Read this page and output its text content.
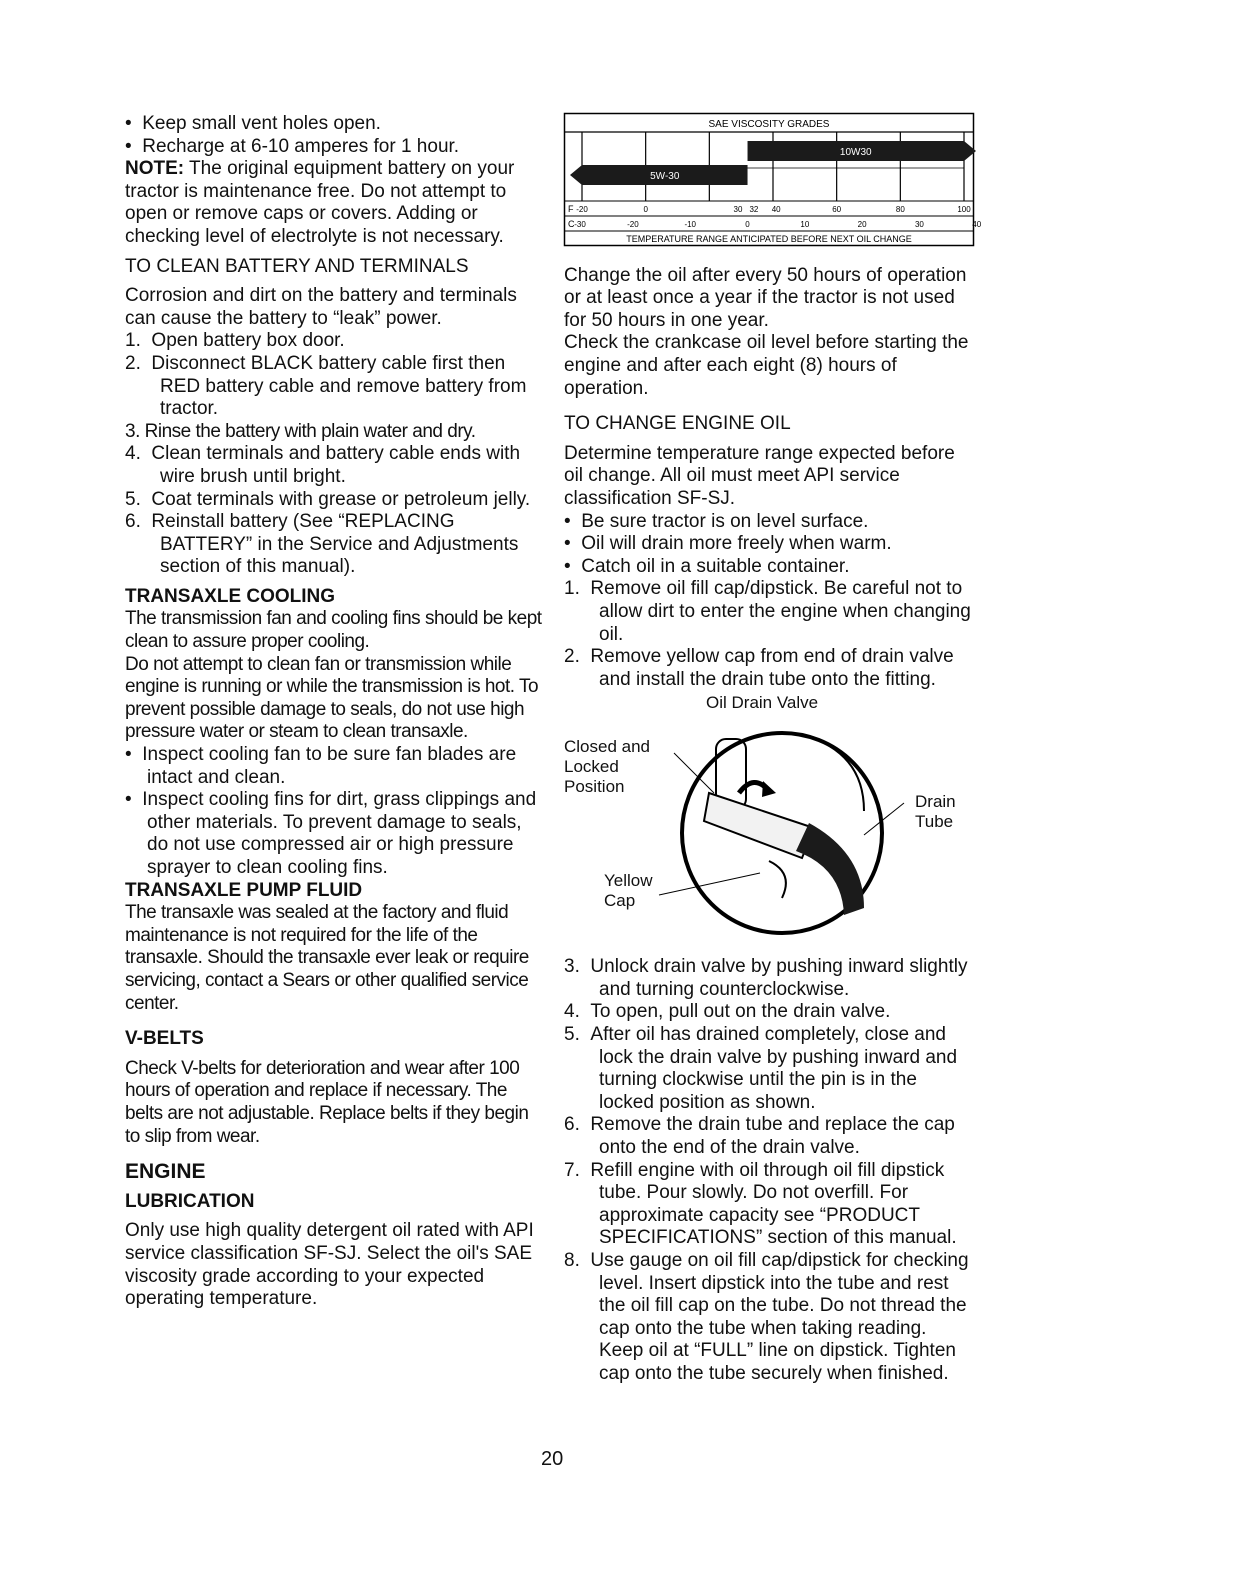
•  Keep small vent holes open.

•  Recharge at 6-10 amperes for 1 hour.

NOTE: The original equipment battery on your tractor is maintenance free. Do not attempt to open or remove caps or covers. Adding or checking level of electrolyte is not necessary.

TO CLEAN BATTERY AND TERMINALS

Corrosion and dirt on the battery and terminals can cause the battery to “leak” power.

1. Open battery box door.

2. Disconnect BLACK battery cable first then RED battery cable and remove battery from tractor.

3. Rinse the battery with plain water and dry.

4. Clean terminals and battery cable ends with wire brush until bright.

5. Coat terminals with grease or petroleum jelly.

6. Reinstall battery (See “REPLACING BATTERY” in the Service and Adjustments section of this manual).

TRANSAXLE COOLING

The transmission fan and cooling fins should be kept clean to assure proper cooling.

Do not attempt to clean fan or transmission while engine is running or while the transmission is hot. To prevent possible damage to seals, do not use high pressure water or steam to clean transaxle.

•  Inspect cooling fan to be sure fan blades are intact and clean.

•  Inspect cooling fins for dirt, grass clippings and other materials. To prevent damage to seals, do not use compressed air or high pressure sprayer to clean cooling fins.

TRANSAXLE PUMP FLUID

The transaxle was sealed at the factory and fluid maintenance is not required for the life of the transaxle. Should the transaxle ever leak or require servicing, contact a Sears or other qualified service center.

V-BELTS

Check V-belts for deterioration and wear after 100 hours of operation and replace if necessary. The belts are not adjustable. Replace belts if they begin to slip from wear.

ENGINE

LUBRICATION

Only use high quality detergent oil rated with API service classification SF-SJ. Select the oil's SAE viscosity grade according to your expected operating temperature.

SAE VISCOSITY GRADES
10W30
5W-30
F
C
-20	0	30 32 40	60	80	100
-30	-20	-10	0	10	20	30	40
TEMPERATURE RANGE ANTICIPATED BEFORE NEXT OIL CHANGE

Change the oil after every 50 hours of operation or at least once a year if the tractor is not used for 50 hours in one year.

Check the crankcase oil level before starting the engine and after each eight (8) hours of operation.

TO CHANGE ENGINE OIL

Determine temperature range expected before oil change. All oil must meet API service classification SF-SJ.

•  Be sure tractor is on level surface.

•  Oil will drain more freely when warm.

•  Catch oil in a suitable container.

1. Remove oil fill cap/dipstick. Be careful not to allow dirt to enter the engine when changing oil.

2. Remove yellow cap from end of drain valve and install the drain tube onto the fitting.

Oil Drain Valve
Closed and Locked Position
Drain Tube
Yellow Cap

3. Unlock drain valve by pushing inward slightly and turning counterclockwise.

4. To open, pull out on the drain valve.

5. After oil has drained completely, close and lock the drain valve by pushing inward and turning clockwise until the pin is in the locked position as shown.

6. Remove the drain tube and replace the cap onto the end of the drain valve.

7. Refill engine with oil through oil fill dipstick tube. Pour slowly. Do not overfill. For approximate capacity see “PRODUCT SPECIFICATIONS” section of this manual.

8. Use gauge on oil fill cap/dipstick for checking level. Insert dipstick into the tube and rest the oil fill cap on the tube. Do not thread the cap onto the tube when taking reading. Keep oil at “FULL” line on dipstick. Tighten cap onto the tube securely when finished.

20
